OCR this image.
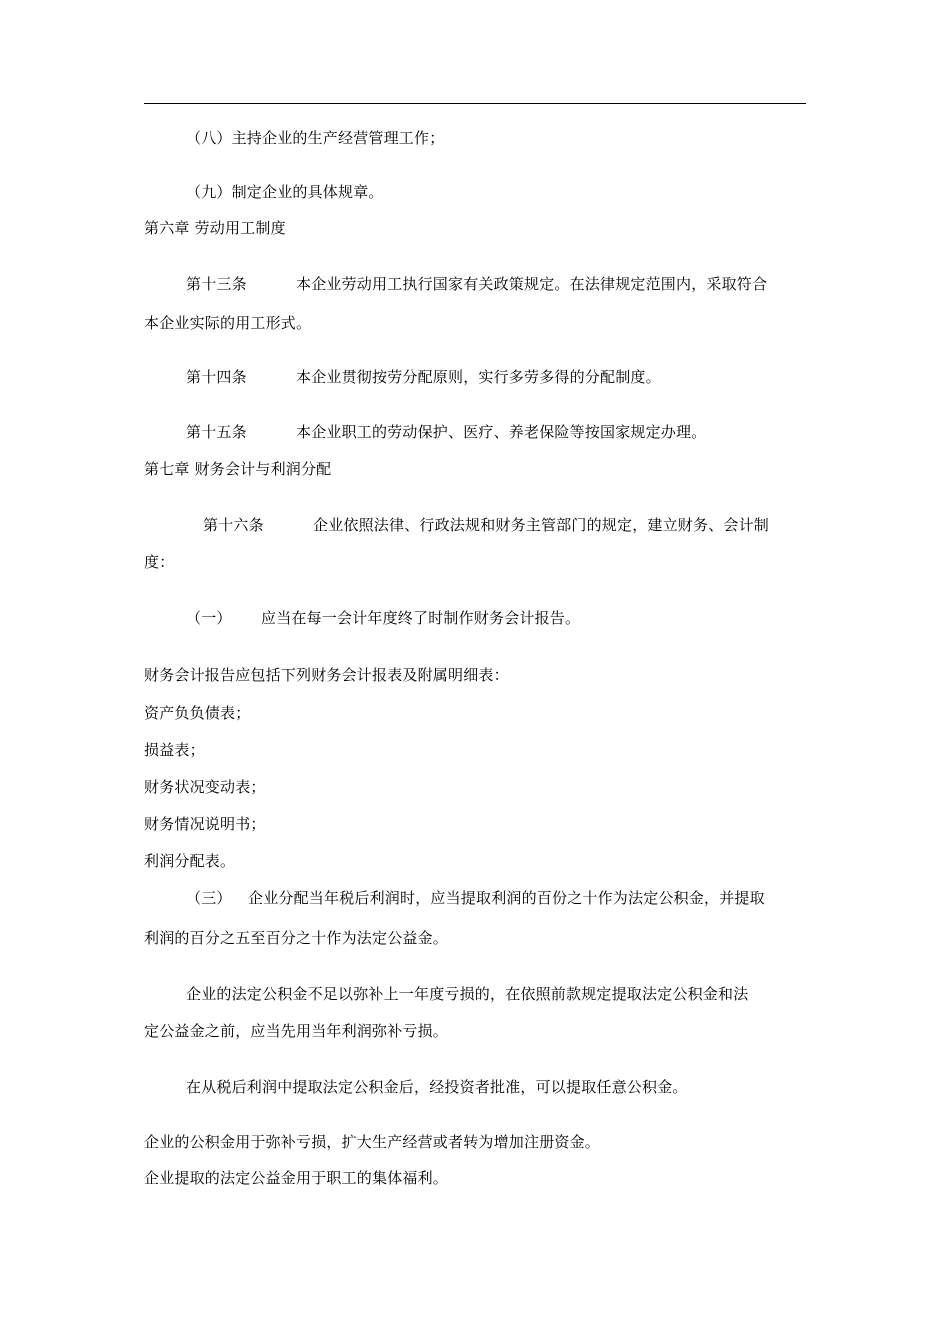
（八）主持企业的生产经营管理工作；
（九）制定企业的具体规章。
第六章 劳动用工制度
第十三条	本企业劳动用工执行国家有关政策规定。在法律规定范围内，采取符合
本企业实际的用工形式。
第十四条	本企业贯彻按劳分配原则，实行多劳多得的分配制度。
第十五条	本企业职工的劳动保护、医疗、养老保险等按国家规定办理。
第七章 财务会计与利润分配
第十六条	企业依照法律、行政法规和财务主管部门的规定，建立财务、会计制
度：
（一） 应当在每一会计年度终了时制作财务会计报告。
财务会计报告应包括下列财务会计报表及附属明细表：
资产负负债表；
损益表；
财务状况变动表；
财务情况说明书；
利润分配表。
（三） 企业分配当年税后利润时，应当提取利润的百份之十作为法定公积金，并提取
利润的百分之五至百分之十作为法定公益金。
企业的法定公积金不足以弥补上一年度亏损的，在依照前款规定提取法定公积金和法
定公益金之前，应当先用当年利润弥补亏损。
在从税后利润中提取法定公积金后，经投资者批准，可以提取任意公积金。
企业的公积金用于弥补亏损，扩大生产经营或者转为增加注册资金。
企业提取的法定公益金用于职工的集体福利。
